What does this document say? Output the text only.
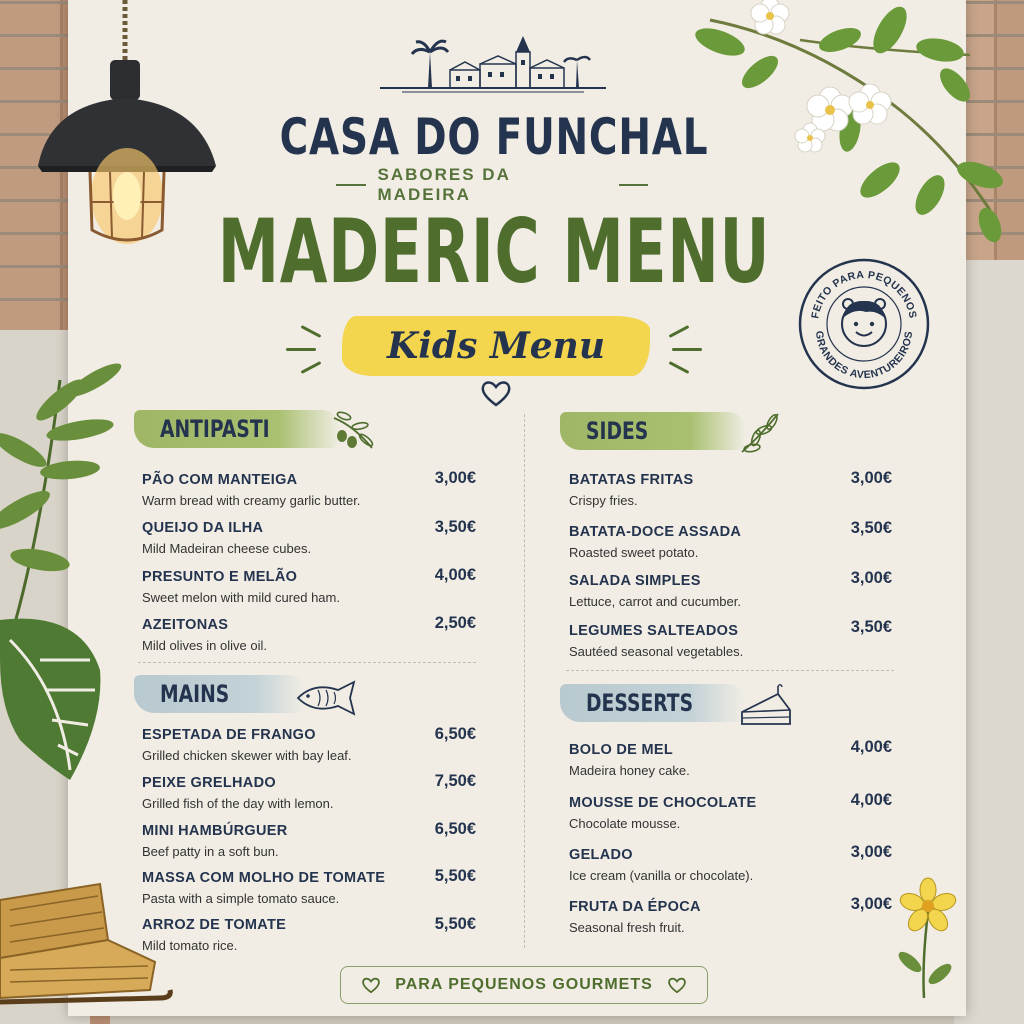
CASA DO FUNCHAL
SABORES DA MADEIRA
MADERIC MENU
Kids Menu
FEITO PARA PEQUENOS
GRANDES AVENTUREIROS
ANTIPASTI
PÃO COM MANTEIGA
Warm bread with creamy garlic butter.
3,00€
QUEIJO DA ILHA
Mild Madeiran cheese cubes.
3,50€
PRESUNTO E MELÃO
Sweet melon with mild cured ham.
4,00€
AZEITONAS
Mild olives in olive oil.
2,50€
MAINS
ESPETADA DE FRANGO
Grilled chicken skewer with bay leaf.
6,50€
PEIXE GRELHADO
Grilled fish of the day with lemon.
7,50€
MINI HAMBÚRGUER
Beef patty in a soft bun.
6,50€
MASSA COM MOLHO DE TOMATE
Pasta with a simple tomato sauce.
5,50€
ARROZ DE TOMATE
Mild tomato rice.
5,50€
SIDES
BATATAS FRITAS
Crispy fries.
3,00€
BATATA-DOCE ASSADA
Roasted sweet potato.
3,50€
SALADA SIMPLES
Lettuce, carrot and cucumber.
3,00€
LEGUMES SALTEADOS
Sautéed seasonal vegetables.
3,50€
DESSERTS
BOLO DE MEL
Madeira honey cake.
4,00€
MOUSSE DE CHOCOLATE
Chocolate mousse.
4,00€
GELADO
Ice cream (vanilla or chocolate).
3,00€
FRUTA DA ÉPOCA
Seasonal fresh fruit.
3,00€
PARA PEQUENOS GOURMETS
